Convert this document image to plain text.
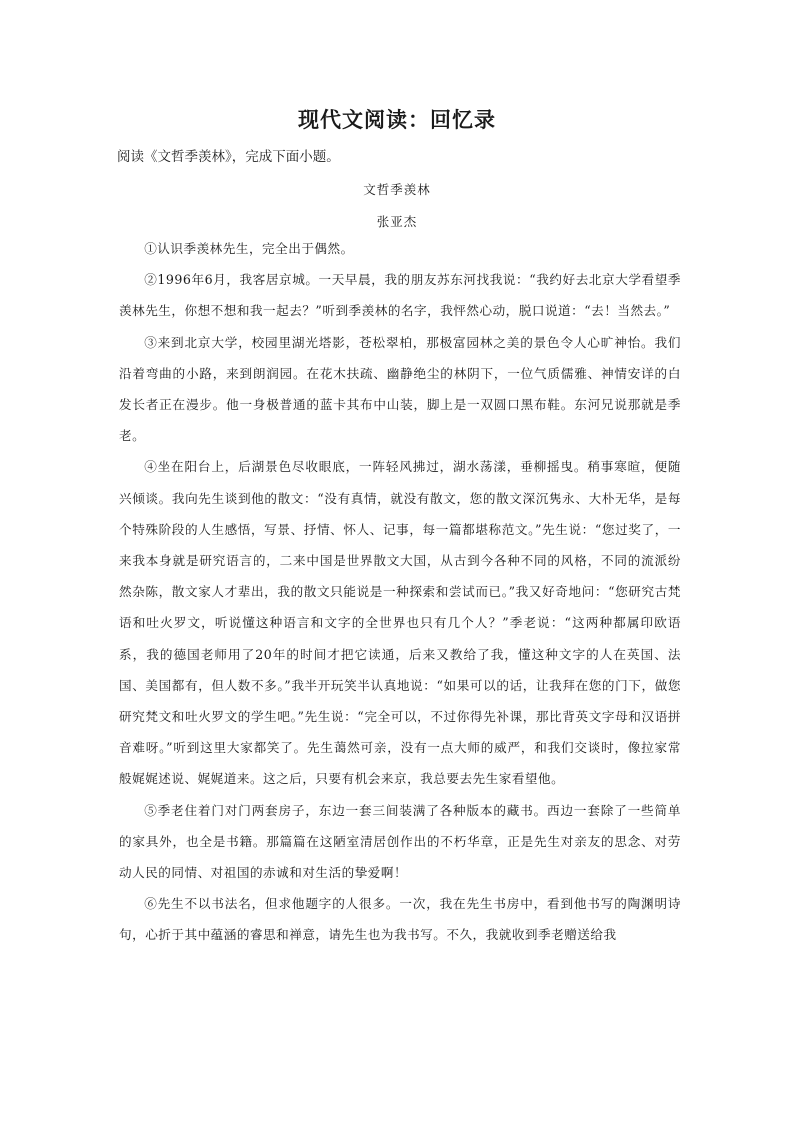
现代文阅读：回忆录
阅读《文哲季羡林》，完成下面小题。
文哲季羡林
张亚杰

①认识季羡林先生，完全出于偶然。

②1996年6月，我客居京城。一天早晨，我的朋友苏东河找我说：“我约好去北京大学看望季羡林先生，你想不想和我一起去？”听到季羡林的名字，我怦然心动，脱口说道：“去！当然去。”

③来到北京大学，校园里湖光塔影，苍松翠柏，那极富园林之美的景色令人心旷神怡。我们沿着弯曲的小路，来到朗润园。在花木扶疏、幽静绝尘的林阴下，一位气质儒雅、神情安详的白发长者正在漫步。他一身极普通的蓝卡其布中山装，脚上是一双圆口黑布鞋。东河兄说那就是季老。

④坐在阳台上，后湖景色尽收眼底，一阵轻风拂过，湖水荡漾，垂柳摇曳。稍事寒暄，便随兴倾谈。我向先生谈到他的散文：“没有真情，就没有散文，您的散文深沉隽永、大朴无华，是每个特殊阶段的人生感悟，写景、抒情、怀人、记事，每一篇都堪称范文。”先生说：“您过奖了，一来我本身就是研究语言的，二来中国是世界散文大国，从古到今各种不同的风格，不同的流派纷然杂陈，散文家人才辈出，我的散文只能说是一种探索和尝试而已。”我又好奇地问：“您研究古梵语和吐火罗文，听说懂这种语言和文字的全世界也只有几个人？”季老说：“这两种都属印欧语系，我的德国老师用了20年的时间才把它读通，后来又教给了我，懂这种文字的人在英国、法国、美国都有，但人数不多。”我半开玩笑半认真地说：“如果可以的话，让我拜在您的门下，做您研究梵文和吐火罗文的学生吧。”先生说：“完全可以，不过你得先补课，那比背英文字母和汉语拼音难呀。”听到这里大家都笑了。先生蔼然可亲，没有一点大师的威严，和我们交谈时，像拉家常般娓娓述说、娓娓道来。这之后，只要有机会来京，我总要去先生家看望他。

⑤季老住着门对门两套房子，东边一套三间装满了各种版本的藏书。西边一套除了一些简单的家具外，也全是书籍。那篇篇在这陋室清居创作出的不朽华章，正是先生对亲友的思念、对劳动人民的同情、对祖国的赤诚和对生活的挚爱啊！

⑥先生不以书法名，但求他题字的人很多。一次，我在先生书房中，看到他书写的陶渊明诗句，心折于其中蕴涵的睿思和禅意，请先生也为我书写。不久，我就收到季老赠送给我
